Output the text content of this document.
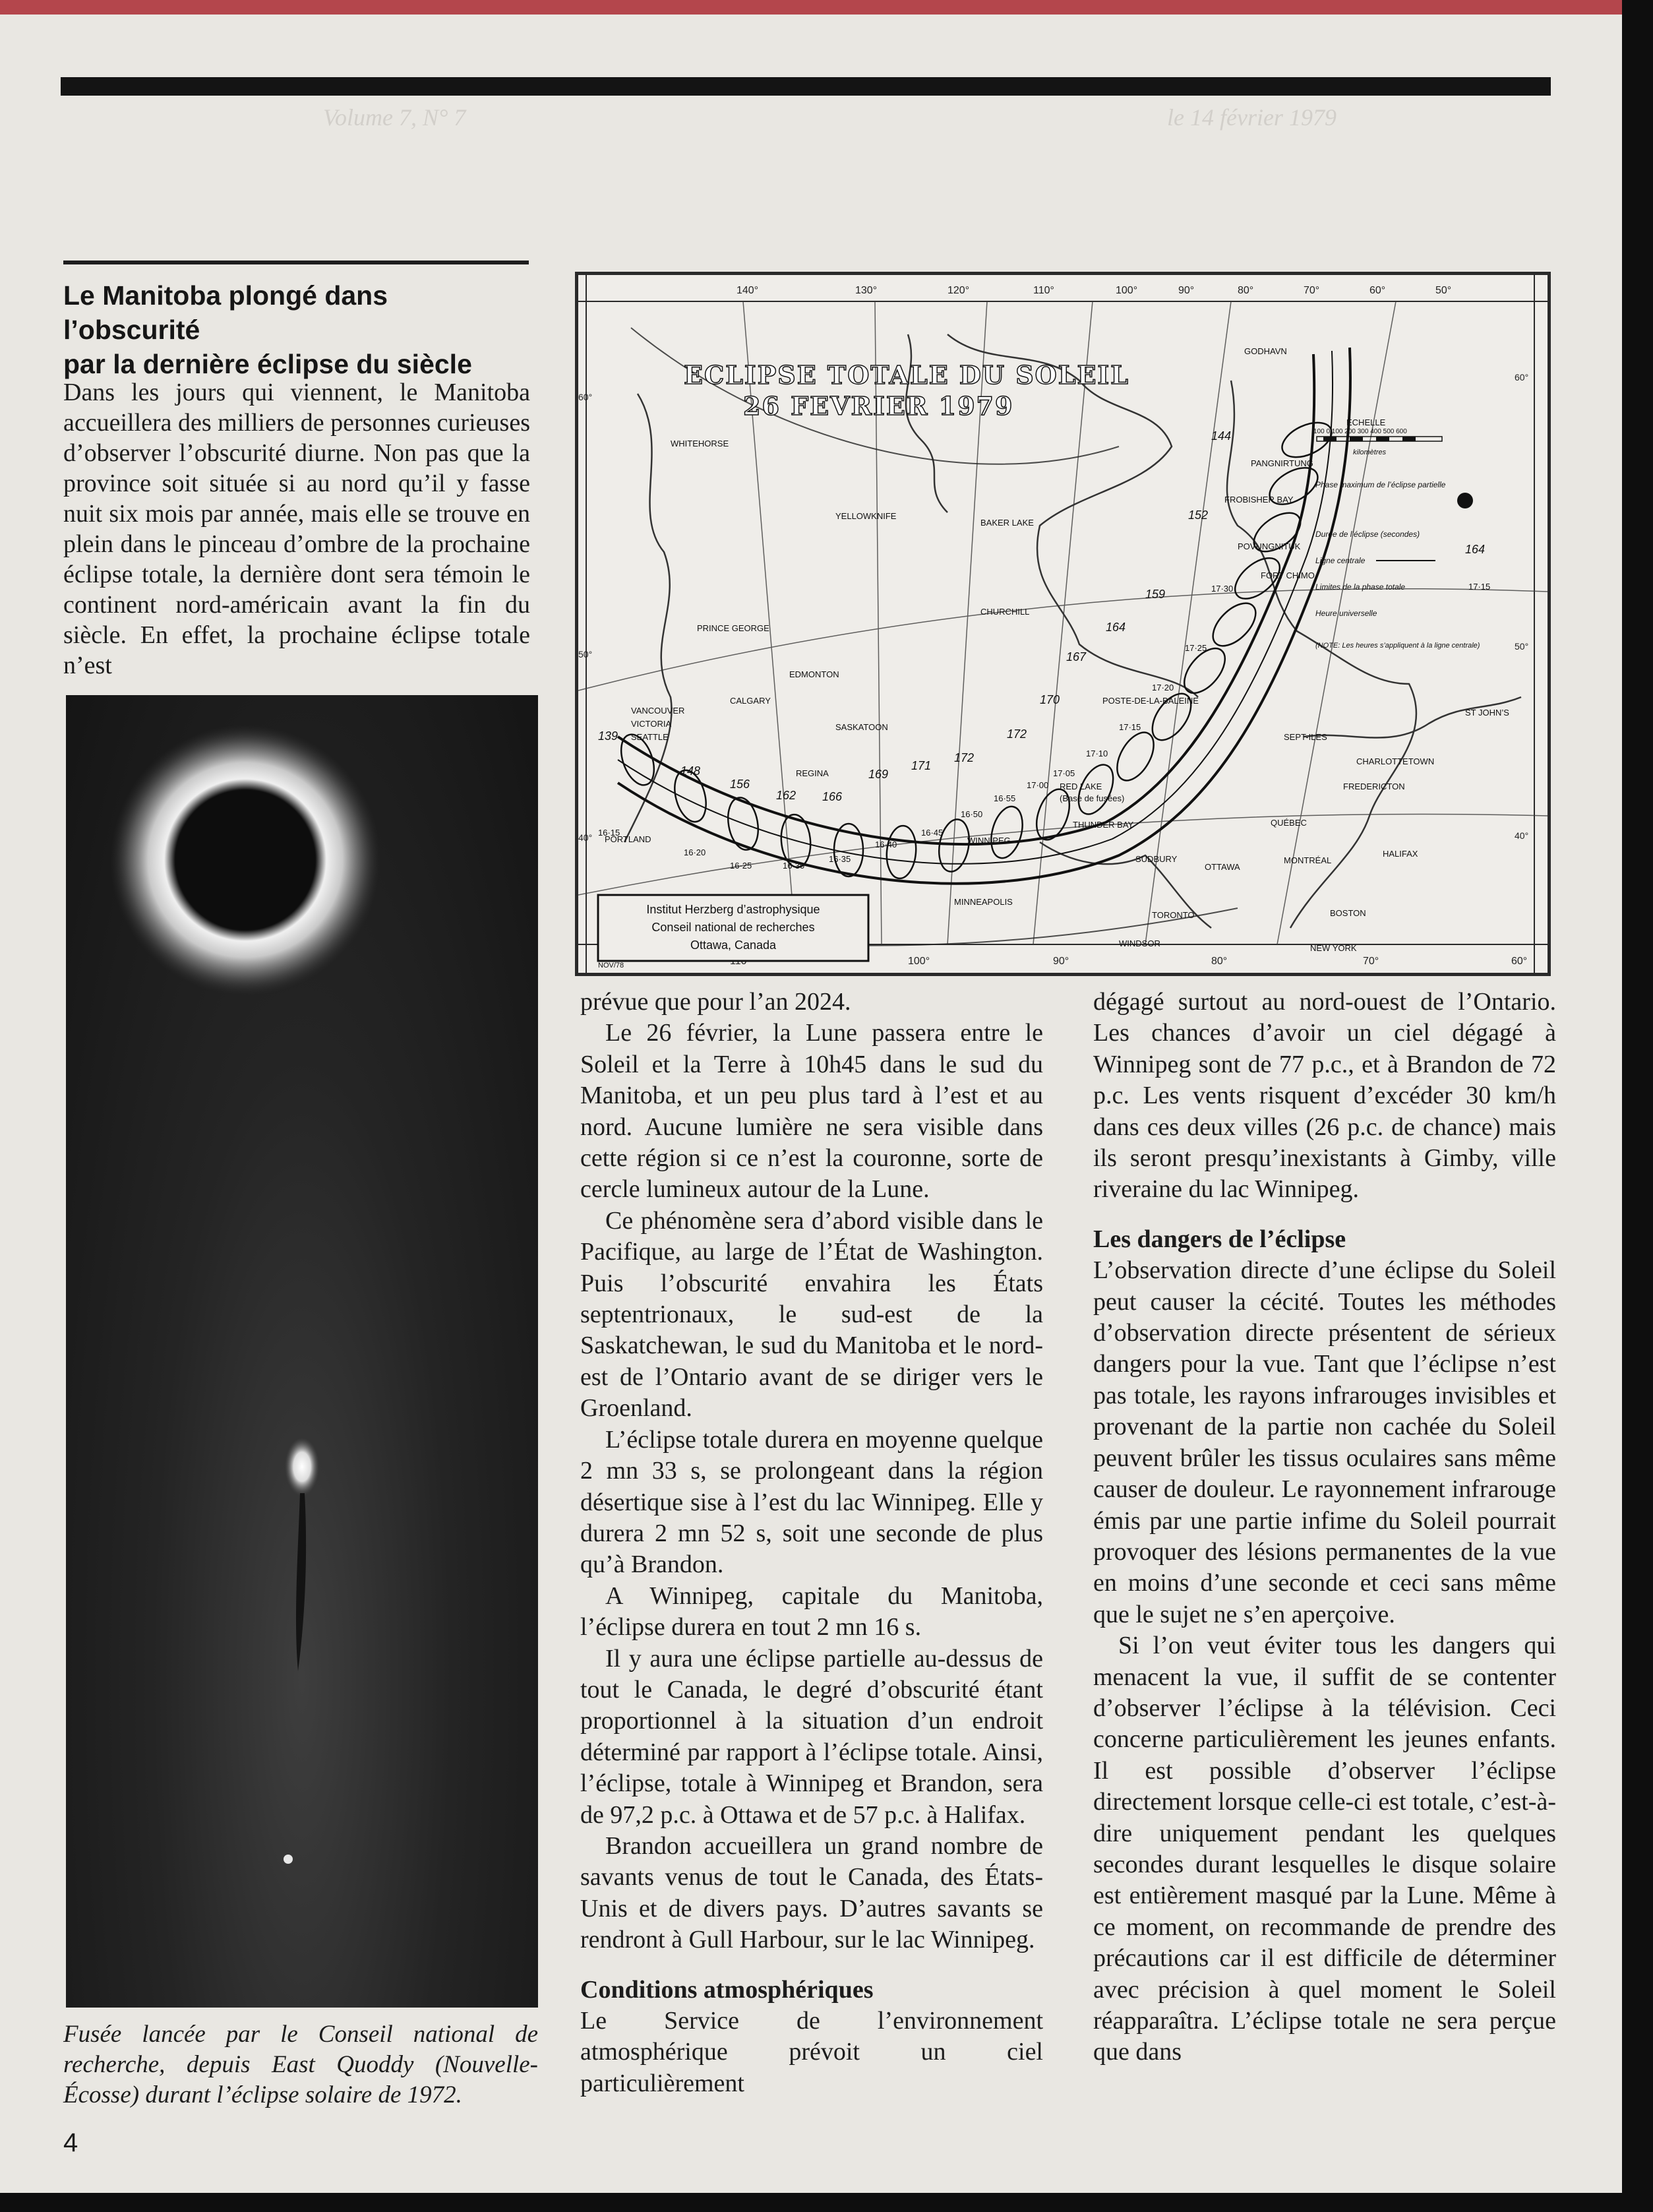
Volume 7, N° 7	le 14 février 1979
Le Manitoba plongé dans l’obscurité
par la dernière éclipse du siècle
Dans les jours qui viennent, le Manitoba accueillera des milliers de personnes curieuses d’observer l’obscurité diurne. Non pas que la province soit située si au nord qu’il y fasse nuit six mois par année, mais elle se trouve en plein dans le pinceau d’ombre de la prochaine éclipse totale, la dernière dont sera témoin le continent nord-américain avant la fin du siècle. En effet, la prochaine éclipse totale n’est
Fusée lancée par le Conseil national de recherche, depuis East Quoddy (Nouvelle-Écosse) durant l’éclipse solaire de 1972.
4
140°	130°	120°	110°	100°	90°	80°	70°	60°	50°
60°
50°
40°
60°
50°
40°
100°	90°	80°	70°	60°
GODHAVN
WHITEHORSE
YELLOWKNIFE
BAKER LAKE
PANGNIRTUNG
FROBISHER BAY
POVUNGNITUK
FORT CHIMO
CHURCHILL
PRINCE GEORGE
EDMONTON
CALGARY
VANCOUVER
VICTORIA
SEATTLE
SASKATOON
REGINA
PORTLAND
RED LAKE
(Base de fusées)
WINNIPEG
THUNDER BAY
POSTE-DE-LA-BALEINE
SEPT-ILES
ST JOHN’S
CHARLOTTETOWN
FREDERICTON
QUÉBEC
MONTRÉAL
HALIFAX
OTTAWA
SUDBURY
TORONTO	BOSTON
NEW YORK
WINDSOR
MINNEAPOLIS
139
148
156
162 166
169
171
172
172
170
167
164
159
152
144
164
16·15
16·20
16·25	16·30
16·35
16·40
16·45
16·50
16·55
17·00
17·05
17·10
17·15
17·20
17·25
17·30	17·15
ECLIPSE TOTALE DU SOLEIL
26 FEVRIER 1979
ECHELLE
100 0 100 200 300 400 500 600
kilomètres
Phase maximum de l’éclipse partielle
Durée de l’éclipse (secondes)
Ligne centrale
Limites de la phase totale
Heure universelle
(NOTE: Les heures s’appliquent à la ligne centrale)
Institut Herzberg d’astrophysique
Conseil national de recherches
Ottawa, Canada
NOV/78

prévue que pour l’an 2024.

Le 26 février, la Lune passera entre le Soleil et la Terre à 10h45 dans le sud du Manitoba, et un peu plus tard à l’est et au nord. Aucune lumière ne sera visible dans cette région si ce n’est la couronne, sorte de cercle lumineux autour de la Lune.

Ce phénomène sera d’abord visible dans le Pacifique, au large de l’État de Washington. Puis l’obscurité envahira les États septentrionaux, le sud-est de la Saskatchewan, le sud du Manitoba et le nord-est de l’Ontario avant de se diriger vers le Groenland.

L’éclipse totale durera en moyenne quelque 2 mn 33 s, se prolongeant dans la région désertique sise à l’est du lac Winnipeg. Elle y durera 2 mn 52 s, soit une seconde de plus qu’à Brandon.

A Winnipeg, capitale du Manitoba, l’éclipse durera en tout 2 mn 16 s.

Il y aura une éclipse partielle au-dessus de tout le Canada, le degré d’obscurité étant proportionnel à la situation d’un endroit déterminé par rapport à l’éclipse totale. Ainsi, l’éclipse, totale à Winnipeg et Brandon, sera de 97,2 p.c. à Ottawa et de 57 p.c. à Halifax.

Brandon accueillera un grand nombre de savants venus de tout le Canada, des États-Unis et de divers pays. D’autres savants se rendront à Gull Harbour, sur le lac Winnipeg.

Conditions atmosphériques

Le Service de l’environnement atmosphérique prévoit un ciel particulièrement

dégagé surtout au nord-ouest de l’Ontario. Les chances d’avoir un ciel dégagé à Winnipeg sont de 77 p.c., et à Brandon de 72 p.c. Les vents risquent d’excéder 30 km/h dans ces deux villes (26 p.c. de chance) mais ils seront presqu’inexistants à Gimby, ville riveraine du lac Winnipeg.

Les dangers de l’éclipse

L’observation directe d’une éclipse du Soleil peut causer la cécité. Toutes les méthodes d’observation directe présentent de sérieux dangers pour la vue. Tant que l’éclipse n’est pas totale, les rayons infrarouges invisibles et provenant de la partie non cachée du Soleil peuvent brûler les tissus oculaires sans même causer de douleur. Le rayonnement infrarouge émis par une partie infime du Soleil pourrait provoquer des lésions permanentes de la vue en moins d’une seconde et ceci sans même que le sujet ne s’en aperçoive.

Si l’on veut éviter tous les dangers qui menacent la vue, il suffit de se contenter d’observer l’éclipse à la télévision. Ceci concerne particulièrement les jeunes enfants. Il est possible d’observer l’éclipse directement lorsque celle-ci est totale, c’est-à-dire uniquement pendant les quelques secondes durant lesquelles le disque solaire est entièrement masqué par la Lune. Même à ce moment, on recommande de prendre des précautions car il est difficile de déterminer avec précision à quel moment le Soleil réapparaîtra. L’éclipse totale ne sera perçue que dans
